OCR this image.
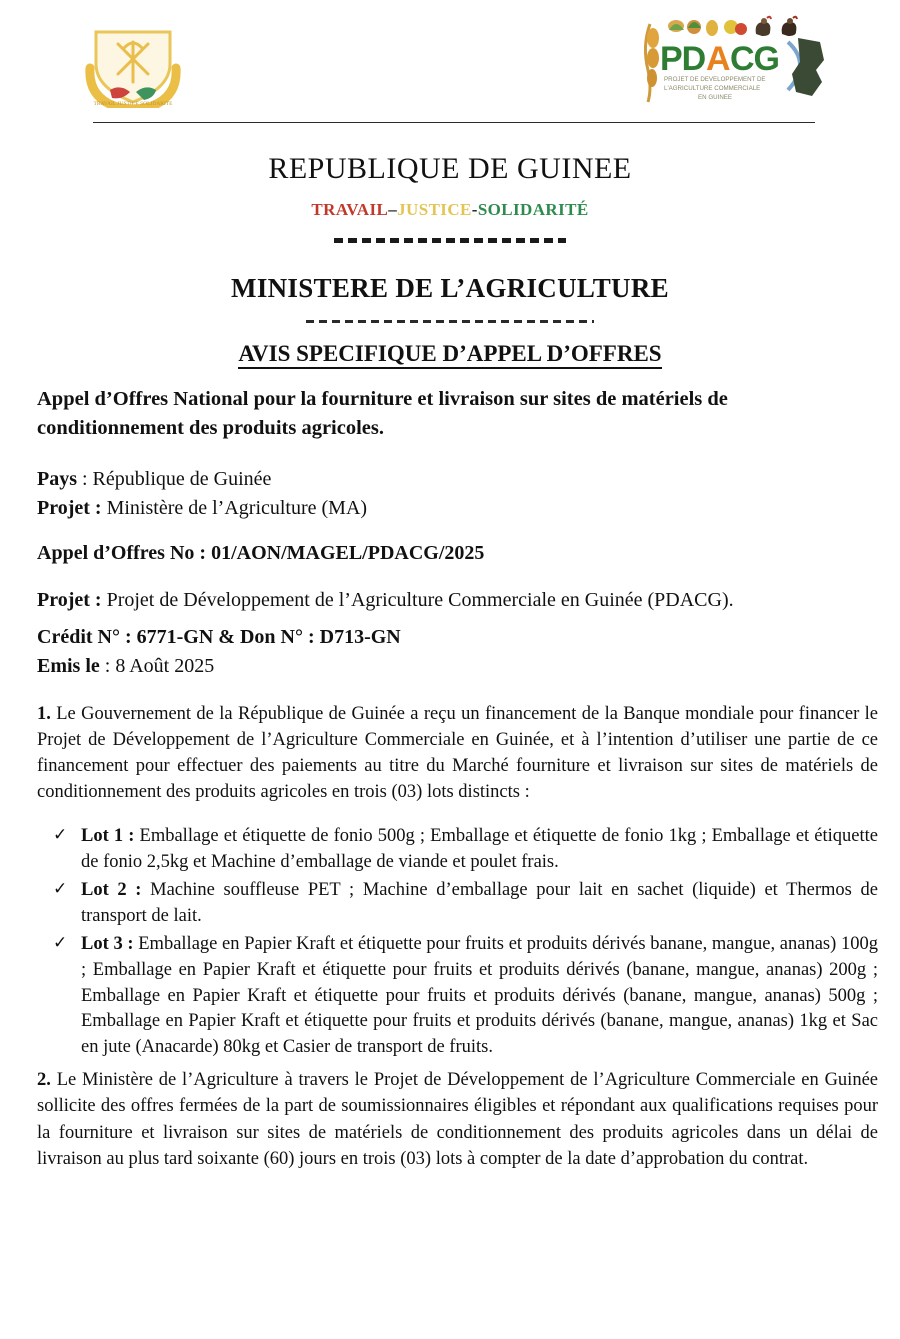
TRAVAIL JUSTICE SOLIDARITE
PD A CG
PROJET DE DEVELOPPEMENT DE
L'AGRICULTURE COMMERCIALE
EN GUINEE
REPUBLIQUE DE GUINEE

TRAVAIL–JUSTICE-SOLIDARITÉ

MINISTERE DE L’AGRICULTURE
AVIS SPECIFIQUE D’APPEL D’OFFRES

Appel d’Offres National pour la fourniture et livraison sur sites de matériels de conditionnement des produits agricoles.

Pays : République de Guinée
Projet : Ministère de l’Agriculture (MA)
Appel d’Offres No : 01/AON/MAGEL/PDACG/2025
Projet : Projet de Développement de l’Agriculture Commerciale en Guinée (PDACG).
Crédit N° : 6771-GN & Don N° : D713-GN
Emis le : 8 Août 2025

1. Le Gouvernement de la République de Guinée a reçu un financement de la Banque mondiale pour financer le Projet de Développement de l’Agriculture Commerciale en Guinée, et à l’intention d’utiliser une partie de ce financement pour effectuer des paiements au titre du Marché fourniture et livraison sur sites de matériels de conditionnement des produits agricoles en trois (03) lots distincts :

✓ Lot 1 : Emballage et étiquette de fonio 500g ; Emballage et étiquette de fonio 1kg ; Emballage et étiquette de fonio 2,5kg et Machine d’emballage de viande et poulet frais.
✓ Lot 2 : Machine souffleuse PET ; Machine d’emballage pour lait en sachet (liquide) et Thermos de transport de lait.
✓ Lot 3 : Emballage en Papier Kraft et étiquette pour fruits et produits dérivés banane, mangue, ananas) 100g ; Emballage en Papier Kraft et étiquette pour fruits et produits dérivés (banane, mangue, ananas) 200g ; Emballage en Papier Kraft et étiquette pour fruits et produits dérivés (banane, mangue, ananas) 500g ; Emballage en Papier Kraft et étiquette pour fruits et produits dérivés (banane, mangue, ananas) 1kg et Sac en jute (Anacarde) 80kg et Casier de transport de fruits.

2. Le Ministère de l’Agriculture à travers le Projet de Développement de l’Agriculture Commerciale en Guinée sollicite des offres fermées de la part de soumissionnaires éligibles et répondant aux qualifications requises pour la fourniture et livraison sur sites de matériels de conditionnement des produits agricoles dans un délai de livraison au plus tard soixante (60) jours en trois (03) lots à compter de la date d’approbation du contrat.
